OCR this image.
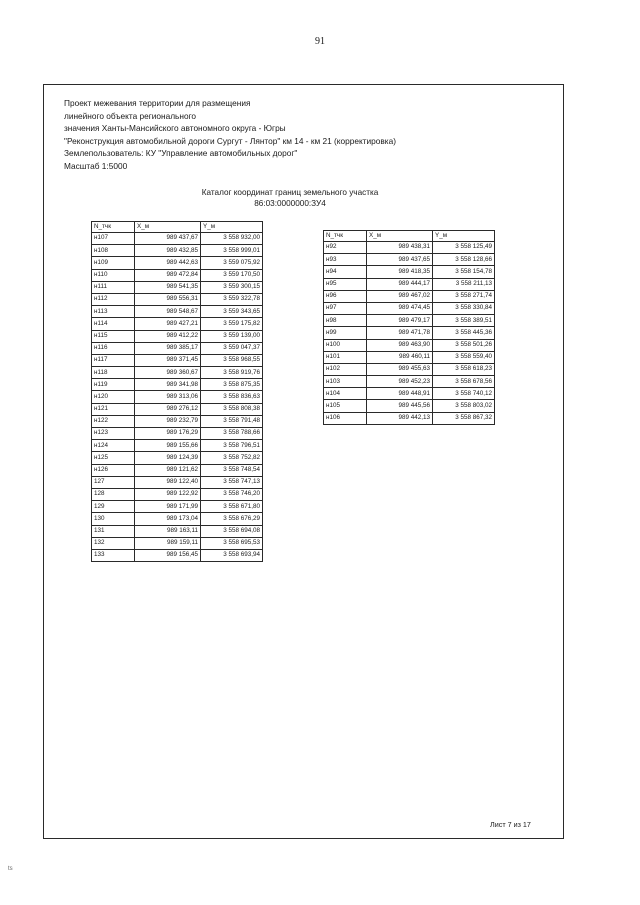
91
Проект межевания территории для размещения
линейного объекта регионального
значения Ханты-Мансийского автономного округа - Югры
"Реконструкция автомобильной дороги Сургут - Лянтор" км 14 - км 21 (корректировка)
Землепользователь: КУ "Управление автомобильных дорог"
Масштаб 1:5000
Каталог координат границ земельного участка
86:03:0000000:ЗУ4
N_тчк	X_м	Y_м
н107	989 437,67	3 558 932,00
н108	989 432,85	3 558 999,01
н109	989 442,63	3 559 075,92
н110	989 472,84	3 559 170,50
н111	989 541,35	3 559 300,15
н112	989 556,31	3 559 322,78
н113	989 548,67	3 559 343,65
н114	989 427,21	3 559 175,82
н115	989 412,22	3 559 139,00
н116	989 385,17	3 559 047,37
н117	989 371,45	3 558 968,55
н118	989 360,67	3 558 919,76
н119	989 341,98	3 558 875,35
н120	989 313,06	3 558 836,63
н121	989 276,12	3 558 808,38
н122	989 232,79	3 558 791,48
н123	989 176,29	3 558 788,66
н124	989 155,66	3 558 796,51
н125	989 124,39	3 558 752,82
н126	989 121,62	3 558 748,54
127	989 122,40	3 558 747,13
128	989 122,92	3 558 746,20
129	989 171,99	3 558 671,80
130	989 173,04	3 558 676,29
131	989 163,11	3 558 694,08
132	989 159,11	3 558 695,53
133	989 156,45	3 558 693,94
N_тчк	X_м	Y_м
н92	989 438,31	3 558 125,49
н93	989 437,65	3 558 128,66
н94	989 418,35	3 558 154,78
н95	989 444,17	3 558 211,13
н96	989 467,02	3 558 271,74
н97	989 474,45	3 558 330,84
н98	989 479,17	3 558 389,51
н99	989 471,78	3 558 445,36
н100	989 463,90	3 558 501,26
н101	989 460,11	3 558 559,40
н102	989 455,63	3 558 618,23
н103	989 452,23	3 558 678,56
н104	989 448,91	3 558 740,12
н105	989 445,56	3 558 803,02
н106	989 442,13	3 558 867,32
Лист 7 из 17
ts
